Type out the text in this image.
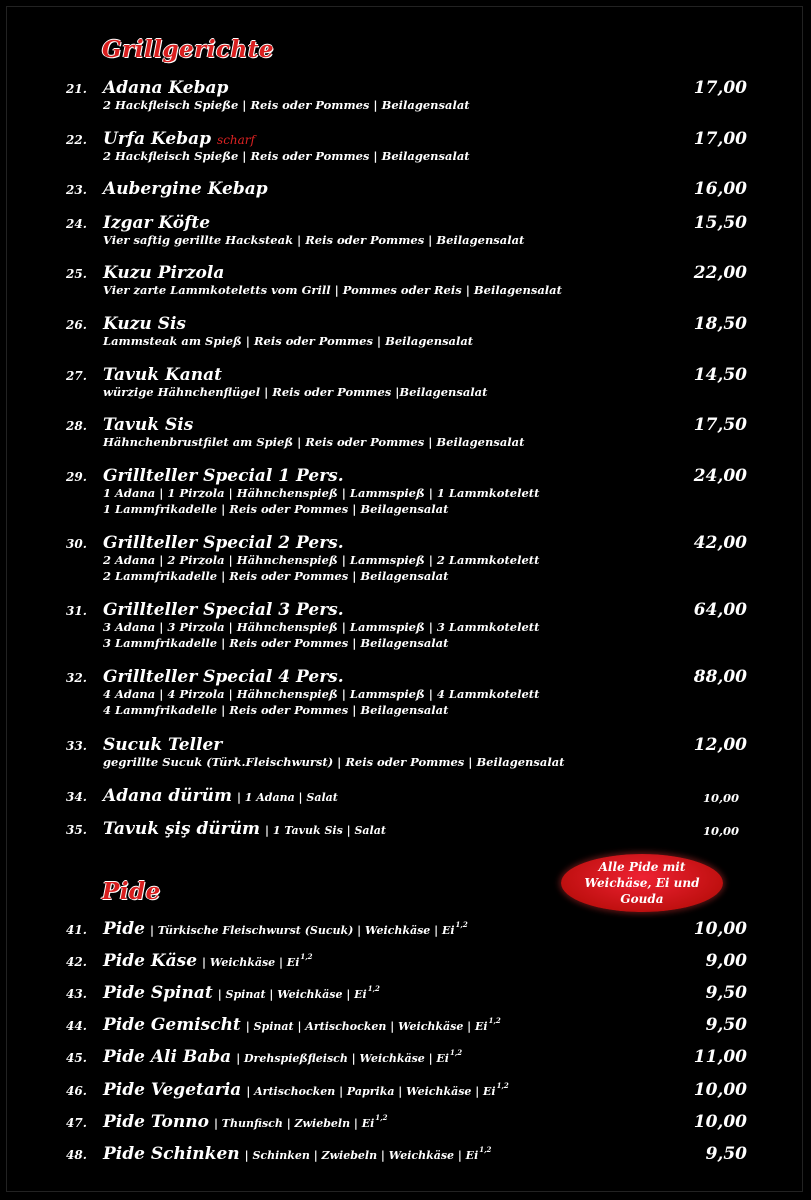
Grillgerichte
21. Adana Kebap	17,00
2 Hackfleisch Spieße | Reis oder Pommes | Beilagensalat
22. Urfa Kebap scharf	17,00
2 Hackfleisch Spieße | Reis oder Pommes | Beilagensalat
23. Aubergine Kebap	16,00
24. Izgar Köfte	15,50
Vier saftig gerillte Hacksteak | Reis oder Pommes | Beilagensalat
25. Kuzu Pirzola	22,00
Vier zarte Lammkoteletts vom Grill | Pommes oder Reis | Beilagensalat
26. Kuzu Sis	18,50
Lammsteak am Spieß | Reis oder Pommes | Beilagensalat
27. Tavuk Kanat	14,50
würzige Hähnchenflügel | Reis oder Pommes |Beilagensalat
28. Tavuk Sis	17,50
Hähnchenbrustfilet am Spieß | Reis oder Pommes | Beilagensalat
29. Grillteller Special 1 Pers.	24,00
1 Adana | 1 Pirzola | Hähnchenspieß | Lammspieß | 1 Lammkotelett
1 Lammfrikadelle | Reis oder Pommes | Beilagensalat
30. Grillteller Special 2 Pers.	42,00
2 Adana | 2 Pirzola | Hähnchenspieß | Lammspieß | 2 Lammkotelett
2 Lammfrikadelle | Reis oder Pommes | Beilagensalat
31. Grillteller Special 3 Pers.	64,00
3 Adana | 3 Pirzola | Hähnchenspieß | Lammspieß | 3 Lammkotelett
3 Lammfrikadelle | Reis oder Pommes | Beilagensalat
32. Grillteller Special 4 Pers.	88,00
4 Adana | 4 Pirzola | Hähnchenspieß | Lammspieß | 4 Lammkotelett
4 Lammfrikadelle | Reis oder Pommes | Beilagensalat
33. Sucuk Teller	12,00
gegrillte Sucuk (Türk.Fleischwurst) | Reis oder Pommes | Beilagensalat
34. Adana dürüm | 1 Adana | Salat	10,00
35. Tavuk şiş dürüm | 1 Tavuk Sis | Salat	10,00
Pide
Alle Pide mit
Weichäse, Ei und
Gouda
41. Pide | Türkische Fleischwurst (Sucuk) | Weichkäse | Ei$^{1,2}$	10,00
42. Pide Käse | Weichkäse | Ei$^{1,2}$	9,00
43. Pide Spinat | Spinat | Weichkäse | Ei$^{1,2}$	9,50
44. Pide Gemischt | Spinat | Artischocken | Weichkäse | Ei$^{1,2}$	9,50
45. Pide Ali Baba | Drehspießfleisch | Weichkäse | Ei$^{1,2}$	11,00
46. Pide Vegetaria | Artischocken | Paprika | Weichkäse | Ei$^{1,2}$	10,00
47. Pide Tonno | Thunfisch | Zwiebeln | Ei$^{1,2}$	10,00
48. Pide Schinken | Schinken | Zwiebeln | Weichkäse | Ei$^{1,2}$	9,50
